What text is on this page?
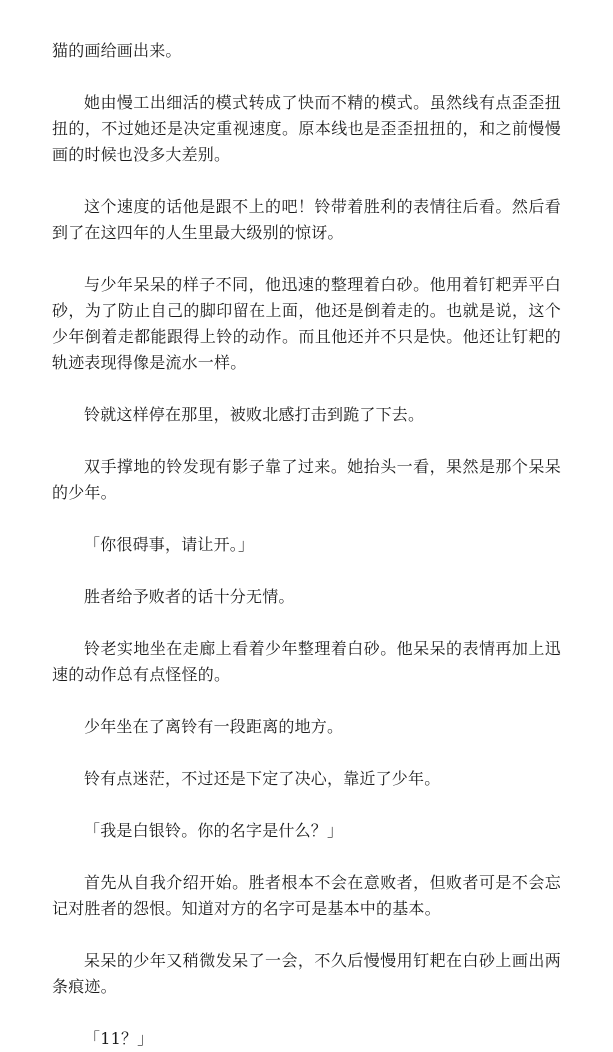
猫的画给画出来。

她由慢工出细活的模式转成了快而不精的模式。虽然线有点歪歪扭扭的，不过她还是决定重视速度。原本线也是歪歪扭扭的，和之前慢慢画的时候也没多大差别。

这个速度的话他是跟不上的吧！铃带着胜利的表情往后看。然后看到了在这四年的人生里最大级别的惊讶。

与少年呆呆的样子不同，他迅速的整理着白砂。他用着钉耙弄平白砂，为了防止自己的脚印留在上面，他还是倒着走的。也就是说，这个少年倒着走都能跟得上铃的动作。而且他还并不只是快。他还让钉耙的轨迹表现得像是流水一样。

铃就这样停在那里，被败北感打击到跪了下去。

双手撑地的铃发现有影子靠了过来。她抬头一看，果然是那个呆呆的少年。

「你很碍事，请让开。」

胜者给予败者的话十分无情。

铃老实地坐在走廊上看着少年整理着白砂。他呆呆的表情再加上迅速的动作总有点怪怪的。

少年坐在了离铃有一段距离的地方。

铃有点迷茫，不过还是下定了决心，靠近了少年。

「我是白银铃。你的名字是什么？」

首先从自我介绍开始。胜者根本不会在意败者，但败者可是不会忘记对胜者的怨恨。知道对方的名字可是基本中的基本。

呆呆的少年又稍微发呆了一会，不久后慢慢用钉耙在白砂上画出两条痕迹。

「11？」
